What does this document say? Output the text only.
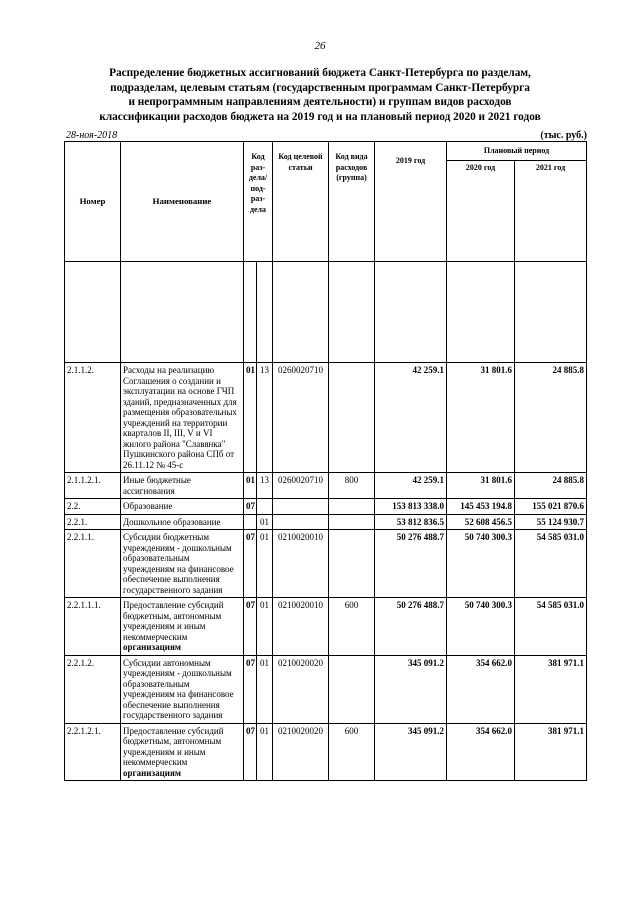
26
Распределение бюджетных ассигнований бюджета Санкт-Петербурга по разделам,
подразделам, целевым статьям (государственным программам Санкт-Петербурга
и непрограммным направлениям деятельности) и группам видов расходов
классификации расходов бюджета на 2019 год и на плановый период 2020 и 2021 годов
28-ноя-2018	(тыс. руб.)
Номер	Наименование	Код раз-дела/ под-раз-дела		Код целевой статьи	Код вида расходов (группа)	2019 год	Плановый период	
							2020 год	2021 год

2.1.1.2.	Расходы на реализацию Соглашения о создании и эксплуатации на основе ГЧП зданий, предназначенных для размещения образовательных учреждений на территории кварталов II, III, V и VI жилого района "Славянка" Пушкинского района СПб от 26.11.12 № 45-с	01	13	0260020710		42 259.1	31 801.6	24 885.8
2.1.1.2.1.	Иные бюджетные ассигнования	01	13	0260020710	800	42 259.1	31 801.6	24 885.8
2.2.	Образование	07				153 813 338.0	145 453 194.8	155 021 870.6
2.2.1.	Дошкольное образование		01			53 812 836.5	52 608 456.5	55 124 930.7
2.2.1.1.	Субсидии бюджетным учреждениям - дошкольным образовательным учреждениям на финансовое обеспечение выполнения государственного задания	07	01	0210020010		50 276 488.7	50 740 300.3	54 585 031.0
2.2.1.1.1.	Предоставление субсидий бюджетным, автономным учреждениям и иным некоммерческим организациям	07	01	0210020010	600	50 276 488.7	50 740 300.3	54 585 031.0
2.2.1.2.	Субсидии автономным учреждениям - дошкольным образовательным учреждениям на финансовое обеспечение выполнения государственного задания	07	01	0210020020		345 091.2	354 662.0	381 971.1
2.2.1.2.1.	Предоставление субсидий бюджетным, автономным учреждениям и иным некоммерческим организациям	07	01	0210020020	600	345 091.2	354 662.0	381 971.1
